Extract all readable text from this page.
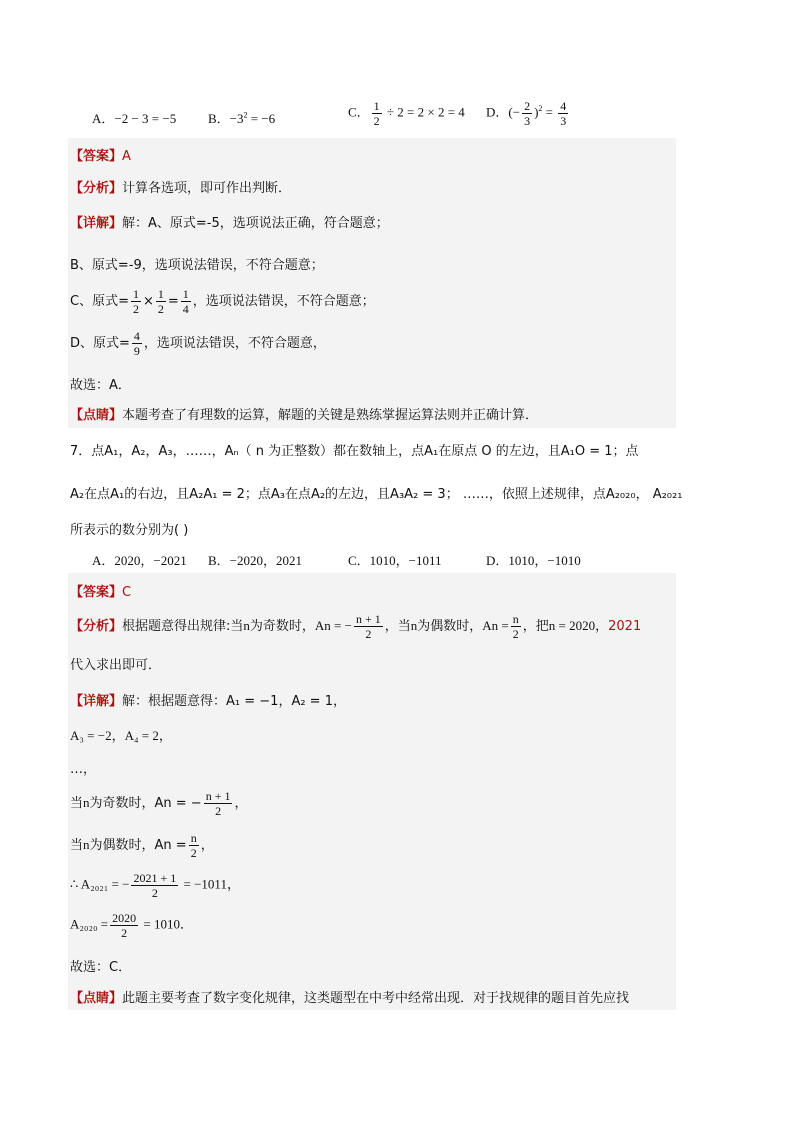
A．−2 − 3 = −5 B．$-3^2 = -6$	C． $\frac{1}{2} \div 2 = 2 \times 2 = 4$ D．(− $\frac{2}{3} )^2 = \frac{4}{3}$
【答案】A
【分析】计算各选项，即可作出判断．
【详解】解：A、原式=-5，选项说法正确，符合题意；
B、原式=-9，选项说法错误，不符合题意；
C、原式= $\frac{1}{2} \times \frac{1}{2} = \frac{1}{4}$ ，选项说法错误，不符合题意；
D、原式= $\frac{4}{9}$ ，选项说法错误，不符合题意，
故选：A．
【点睛】本题考查了有理数的运算，解题的关键是熟练掌握运算法则并正确计算．
7．点A₁，A₂，A₃，……，Aₙ（ n 为正整数）都在数轴上，点A₁在原点 O 的左边，且A₁O = 1；点
A₂在点A₁的右边，且A₂A₁ = 2；点A₃在点A₂的左边，且A₃A₂ = 3； ……，依照上述规律，点A₂₀₂₀， A₂₀₂₁
所表示的数分别为( )
A．2020，−2021 B．−2020，2021	C．1010，−1011	D．1010，−1010
【答案】C
【分析】根据题意得出规律:当n为奇数时，An = − $\frac{n + 1}{2}$ ，当n为偶数时，$An = \frac{n}{2}$ ，把n = 2020，2021
代入求出即可．
【详解】解：根据题意得：A₁ = −1，A₂ = 1，
A₃ = −2，A₄ = 2，
…，
当n为奇数时，An = − $\frac{n + 1}{2}$ ，
当n为偶数时，$An = \frac{n}{2}$ ，
∴ A₂₀₂₁ = − $\frac{2021 + 1}{2} = -1011$，
$A_{2020} = \frac{2020}{2} = 1010$．
故选：C．
【点睛】此题主要考查了数字变化规律，这类题型在中考中经常出现．对于找规律的题目首先应找
